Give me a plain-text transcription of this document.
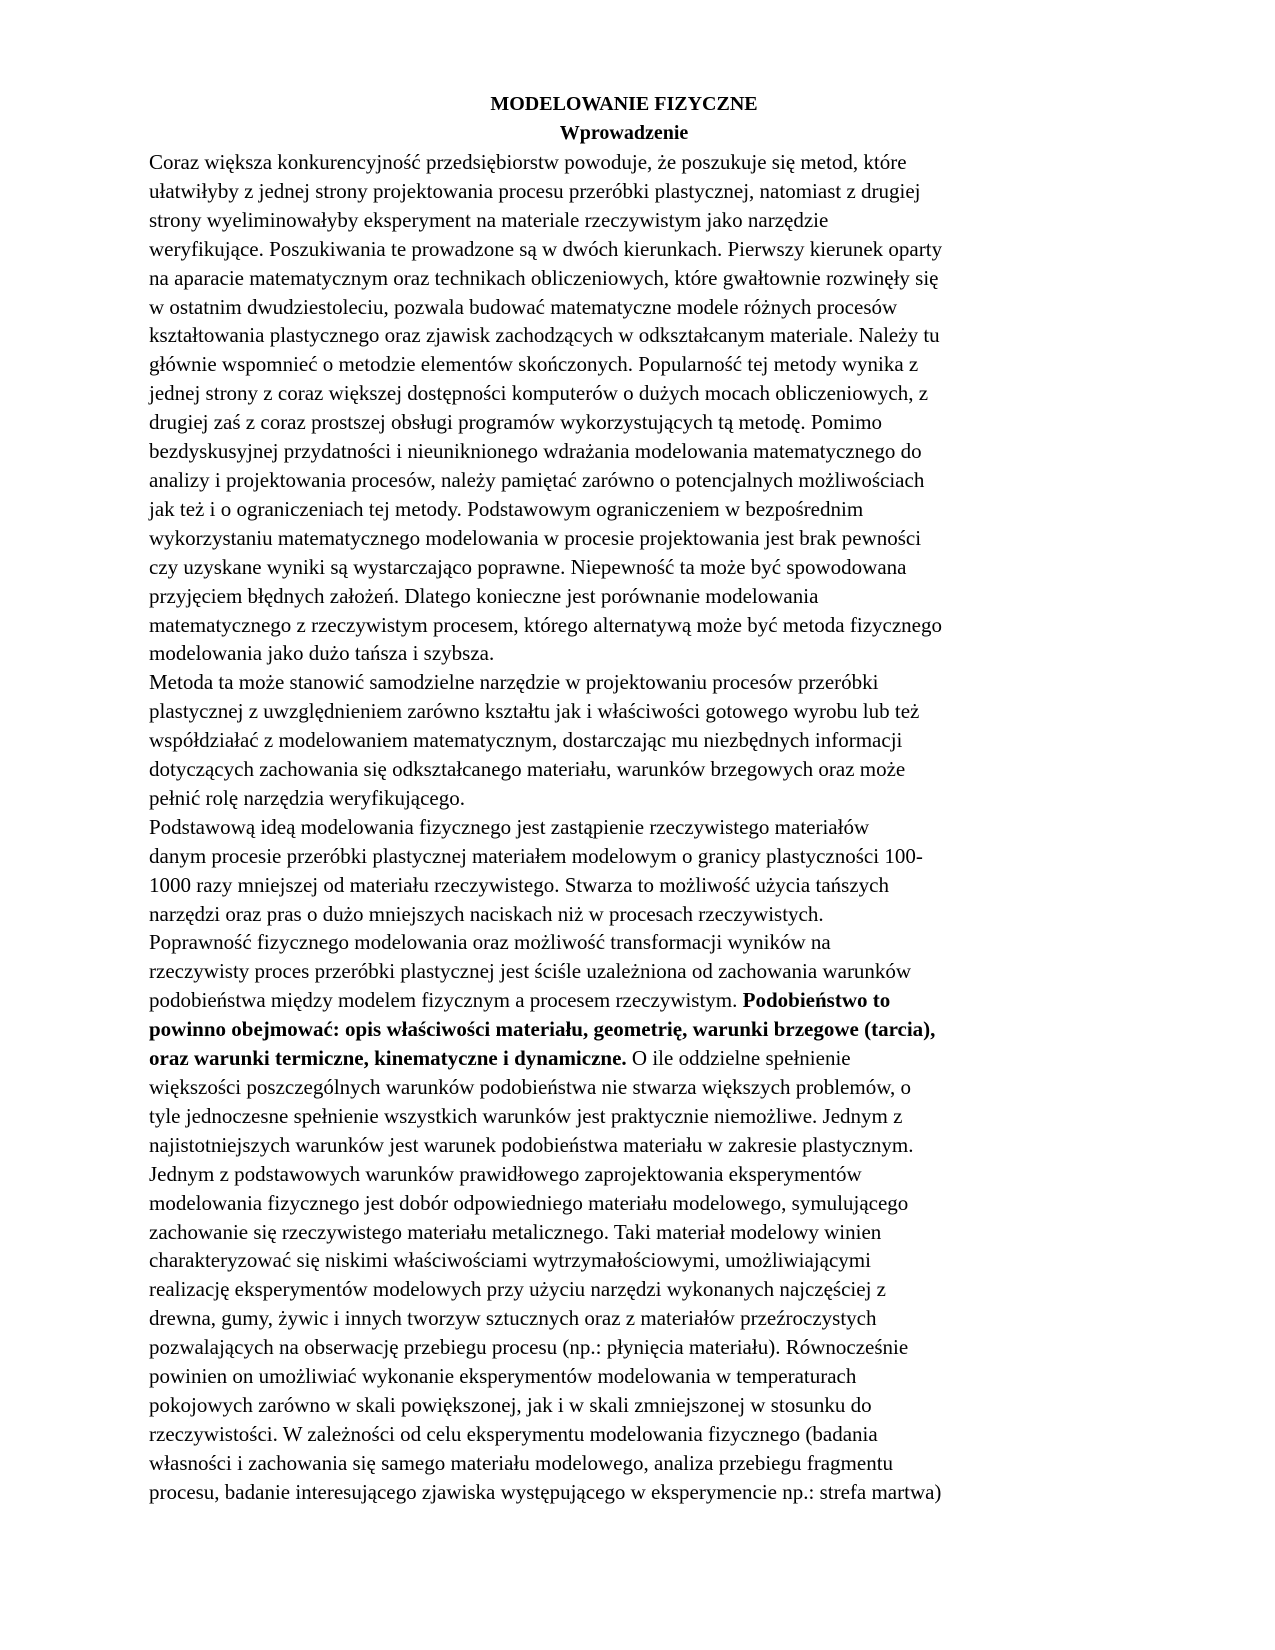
MODELOWANIE FIZYCZNE
Wprowadzenie

Coraz większa konkurencyjność przedsiębiorstw powoduje, że poszukuje się metod, które
ułatwiłyby z jednej strony projektowania procesu przeróbki plastycznej, natomiast z drugiej
strony wyeliminowałyby eksperyment na materiale rzeczywistym jako narzędzie
weryfikujące. Poszukiwania te prowadzone są w dwóch kierunkach. Pierwszy kierunek oparty
na aparacie matematycznym oraz technikach obliczeniowych, które gwałtownie rozwinęły się
w ostatnim dwudziestoleciu, pozwala budować matematyczne modele różnych procesów
kształtowania plastycznego oraz zjawisk zachodzących w odkształcanym materiale. Należy tu
głównie wspomnieć o metodzie elementów skończonych. Popularność tej metody wynika z
jednej strony z coraz większej dostępności komputerów o dużych mocach obliczeniowych, z
drugiej zaś z coraz prostszej obsługi programów wykorzystujących tą metodę. Pomimo
bezdyskusyjnej przydatności i nieuniknionego wdrażania modelowania matematycznego do
analizy i projektowania procesów, należy pamiętać zarówno o potencjalnych możliwościach
jak też i o ograniczeniach tej metody. Podstawowym ograniczeniem w bezpośrednim
wykorzystaniu matematycznego modelowania w procesie projektowania jest brak pewności
czy uzyskane wyniki są wystarczająco poprawne. Niepewność ta może być spowodowana
przyjęciem błędnych założeń. Dlatego konieczne jest porównanie modelowania
matematycznego z rzeczywistym procesem, którego alternatywą może być metoda fizycznego
modelowania jako dużo tańsza i szybsza.

Metoda ta może stanowić samodzielne narzędzie w projektowaniu procesów przeróbki
plastycznej z uwzględnieniem zarówno kształtu jak i właściwości gotowego wyrobu lub też
współdziałać z modelowaniem matematycznym, dostarczając mu niezbędnych informacji
dotyczących zachowania się odkształcanego materiału, warunków brzegowych oraz może
pełnić rolę narzędzia weryfikującego.

Podstawową ideą modelowania fizycznego jest zastąpienie rzeczywistego materiałów
danym procesie przeróbki plastycznej materiałem modelowym o granicy plastyczności 100-
1000 razy mniejszej od materiału rzeczywistego. Stwarza to możliwość użycia tańszych
narzędzi oraz pras o dużo mniejszych naciskach niż w procesach rzeczywistych.
Poprawność fizycznego modelowania oraz możliwość transformacji wyników na
rzeczywisty proces przeróbki plastycznej jest ściśle uzależniona od zachowania warunków
podobieństwa między modelem fizycznym a procesem rzeczywistym. Podobieństwo to
powinno obejmować: opis właściwości materiału, geometrię, warunki brzegowe (tarcia),
oraz warunki termiczne, kinematyczne i dynamiczne. O ile oddzielne spełnienie

większości poszczególnych warunków podobieństwa nie stwarza większych problemów, o
tyle jednoczesne spełnienie wszystkich warunków jest praktycznie niemożliwe. Jednym z
najistotniejszych warunków jest warunek podobieństwa materiału w zakresie plastycznym.
Jednym z podstawowych warunków prawidłowego zaprojektowania eksperymentów
modelowania fizycznego jest dobór odpowiedniego materiału modelowego, symulującego
zachowanie się rzeczywistego materiału metalicznego. Taki materiał modelowy winien
charakteryzować się niskimi właściwościami wytrzymałościowymi, umożliwiającymi
realizację eksperymentów modelowych przy użyciu narzędzi wykonanych najczęściej z
drewna, gumy, żywic i innych tworzyw sztucznych oraz z materiałów przeźroczystych
pozwalających na obserwację przebiegu procesu (np.: płynięcia materiału). Równocześnie
powinien on umożliwiać wykonanie eksperymentów modelowania w temperaturach
pokojowych zarówno w skali powiększonej, jak i w skali zmniejszonej w stosunku do
rzeczywistości. W zależności od celu eksperymentu modelowania fizycznego (badania
własności i zachowania się samego materiału modelowego, analiza przebiegu fragmentu
procesu, badanie interesującego zjawiska występującego w eksperymencie np.: strefa martwa)
